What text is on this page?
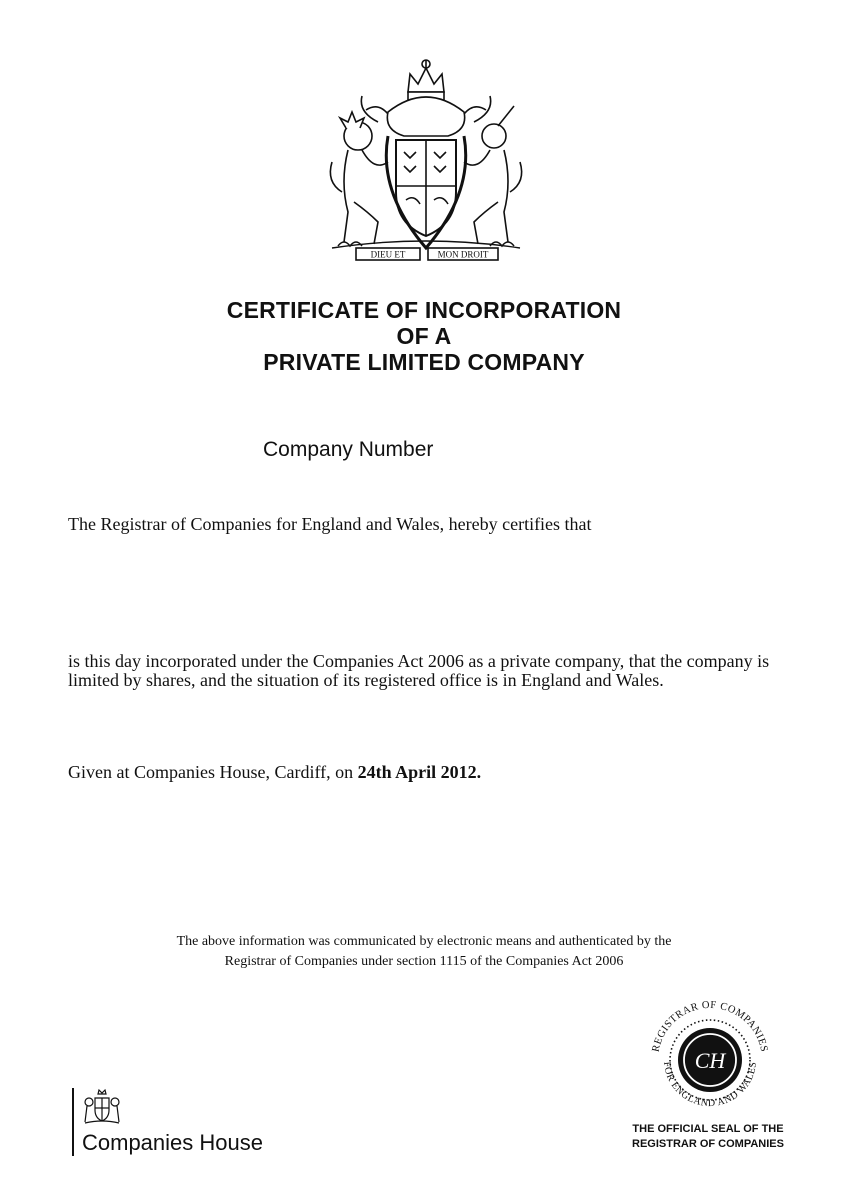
DIEU ET	MON DROIT
CERTIFICATE OF INCORPORATION
OF A
PRIVATE LIMITED COMPANY
Company Number
The Registrar of Companies for England and Wales, hereby certifies that
is this day incorporated under the Companies Act 2006 as a private company, that the company is limited by shares, and the situation of its registered office is in England and Wales.
Given at Companies House, Cardiff, on 24th April 2012.
The above information was communicated by electronic means and authenticated by the
Registrar of Companies under section 1115 of the Companies Act 2006
Companies House
REGISTRAR OF COMPANIES
FOR ENGLAND AND WALES
CH
THE OFFICIAL SEAL OF THE
REGISTRAR OF COMPANIES
